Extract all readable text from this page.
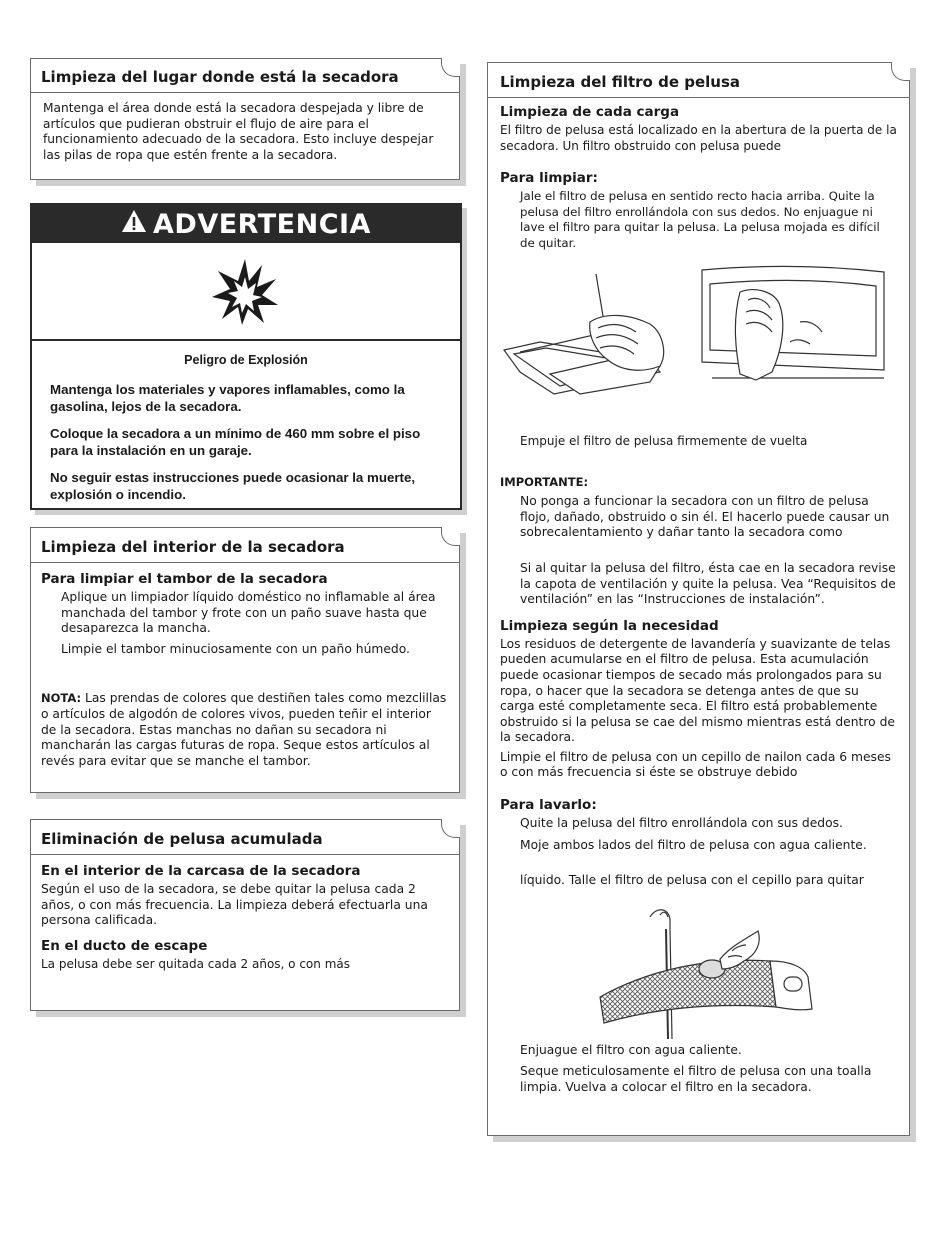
Limpieza del lugar donde está la secadora

Mantenga el área donde está la secadora despejada y libre de artículos que pudieran obstruir el flujo de aire para el funcionamiento adecuado de la secadora. Esto incluye despejar las pilas de ropa que estén frente a la secadora.

ADVERTENCIA

Peligro de Explosión

Mantenga los materiales y vapores inflamables, como la gasolina, lejos de la secadora.

Coloque la secadora a un mínimo de 460 mm sobre el piso para la instalación en un garaje.

No seguir estas instrucciones puede ocasionar la muerte, explosión o incendio.

Limpieza del interior de la secadora
Para limpiar el tambor de la secadora

Aplique un limpiador líquido doméstico no inflamable al área manchada del tambor y frote con un paño suave hasta que desaparezca la mancha.

Limpie el tambor minuciosamente con un paño húmedo.

NOTA: Las prendas de colores que destiñen tales como mezclillas o artículos de algodón de colores vivos, pueden teñir el interior de la secadora. Estas manchas no dañan su secadora ni mancharán las cargas futuras de ropa. Seque estos artículos al revés para evitar que se manche el tambor.

Eliminación de pelusa acumulada
En el interior de la carcasa de la secadora

Según el uso de la secadora, se debe quitar la pelusa cada 2 años, o con más frecuencia. La limpieza deberá efectuarla una persona calificada.

En el ducto de escape

La pelusa debe ser quitada cada 2 años, o con más

Limpieza del filtro de pelusa
Limpieza de cada carga

El filtro de pelusa está localizado en la abertura de la puerta de la secadora. Un filtro obstruido con pelusa puede

Para limpiar:

Jale el filtro de pelusa en sentido recto hacia arriba. Quite la pelusa del filtro enrollándola con sus dedos. No enjuague ni lave el filtro para quitar la pelusa. La pelusa mojada es difícil de quitar.

Empuje el filtro de pelusa firmemente de vuelta

IMPORTANTE:

No ponga a funcionar la secadora con un filtro de pelusa flojo, dañado, obstruido o sin él. El hacerlo puede causar un sobrecalentamiento y dañar tanto la secadora como

Si al quitar la pelusa del filtro, ésta cae en la secadora revise la capota de ventilación y quite la pelusa. Vea “Requisitos de ventilación” en las “Instrucciones de instalación”.

Limpieza según la necesidad

Los residuos de detergente de lavandería y suavizante de telas pueden acumularse en el filtro de pelusa. Esta acumulación puede ocasionar tiempos de secado más prolongados para su ropa, o hacer que la secadora se detenga antes de que su carga esté completamente seca. El filtro está probablemente obstruido si la pelusa se cae del mismo mientras está dentro de la secadora.

Limpie el filtro de pelusa con un cepillo de nailon cada 6 meses o con más frecuencia si éste se obstruye debido

Para lavarlo:

Quite la pelusa del filtro enrollándola con sus dedos.

Moje ambos lados del filtro de pelusa con agua caliente.

líquido. Talle el filtro de pelusa con el cepillo para quitar

Enjuague el filtro con agua caliente.

Seque meticulosamente el filtro de pelusa con una toalla limpia. Vuelva a colocar el filtro en la secadora.
